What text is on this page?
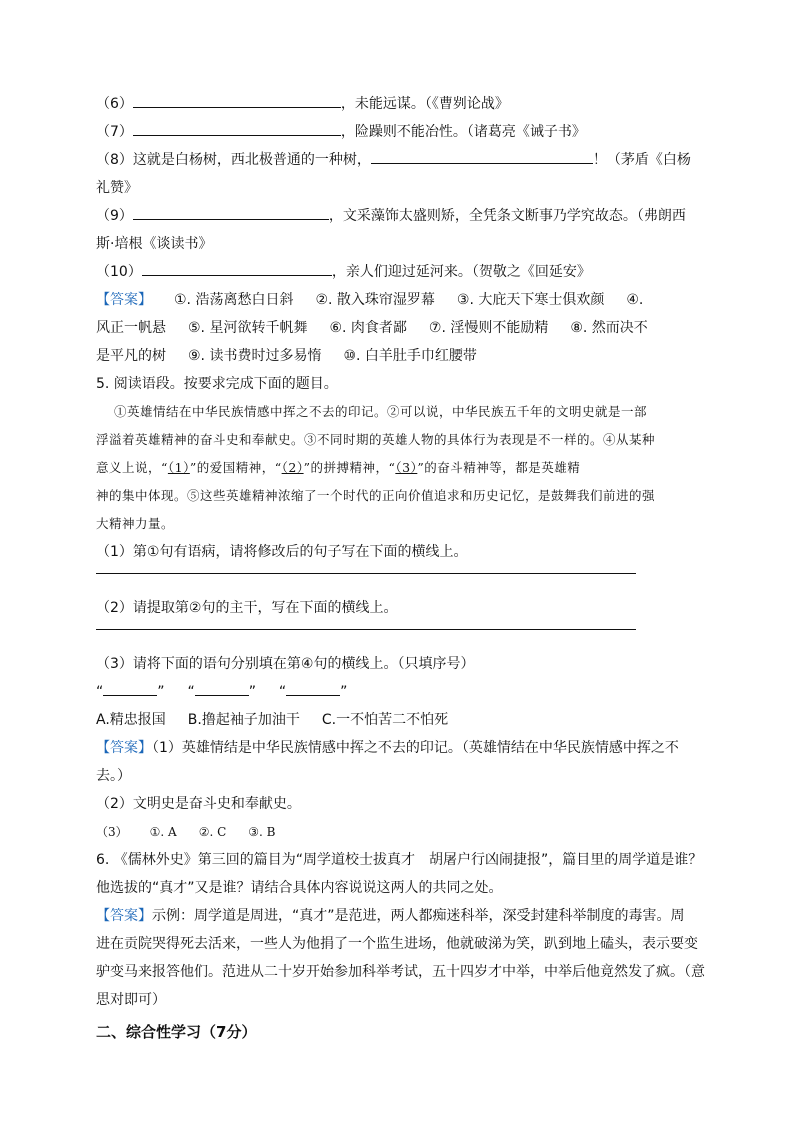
（6）	，未能远谋。（《曹刿论战》
（7）	，险躁则不能冶性。（诸葛亮《诫子书》
（8）这就是白杨树，西北极普通的一种树，	！（茅盾《白杨
礼赞》
（9）	，文采藻饰太盛则矫，全凭条文断事乃学究故态。（弗朗西
斯·培根《谈读书》
（10）	，亲人们迎过延河来。（贺敬之《回延安》
【答案】 ①. 浩荡离愁白日斜 ②. 散入珠帘湿罗幕 ③. 大庇天下寒士俱欢颜 ④.
风正一帆悬 ⑤. 星河欲转千帆舞 ⑥. 肉食者鄙 ⑦. 淫慢则不能励精 ⑧. 然而决不
是平凡的树 ⑨. 读书费时过多易惰 ⑩. 白羊肚手巾红腰带
5. 阅读语段。按要求完成下面的题目。
①英雄情结在中华民族情感中挥之不去的印记。②可以说，中华民族五千年的文明史就是一部
浮溢着英雄精神的奋斗史和奉献史。③不同时期的英雄人物的具体行为表现是不一样的。④从某种
意义上说，“（1）”的爱国精神，“（2）”的拼搏精神，“（3）”的奋斗精神等，都是英雄精
神的集中体现。⑤这些英雄精神浓缩了一个时代的正向价值追求和历史记忆，是鼓舞我们前进的强
大精神力量。
（1）第①句有语病，请将修改后的句子写在下面的横线上。
（2）请提取第②句的主干，写在下面的横线上。
（3）请将下面的语句分别填在第④句的横线上。（只填序号）
“	” “	” “	”
A.精忠报国 B.撸起袖子加油干 C.一不怕苦二不怕死
【答案】（1）英雄情结是中华民族情感中挥之不去的印记。（英雄情结在中华民族情感中挥之不
去。）
（2）文明史是奋斗史和奉献史。
（3） ①. A ②. C ③. B
6. 《儒林外史》第三回的篇目为“周学道校士拔真才　胡屠户行凶闹捷报”，篇目里的周学道是谁？
他选拔的“真才”又是谁？请结合具体内容说说这两人的共同之处。
【答案】示例：周学道是周进，“真才”是范进，两人都痴迷科举，深受封建科举制度的毒害。周
进在贡院哭得死去活来，一些人为他捐了一个监生进场，他就破涕为笑，趴到地上磕头，表示要变
驴变马来报答他们。范进从二十岁开始参加科举考试，五十四岁才中举，中举后他竟然发了疯。（意
思对即可）
二、综合性学习（7分）
